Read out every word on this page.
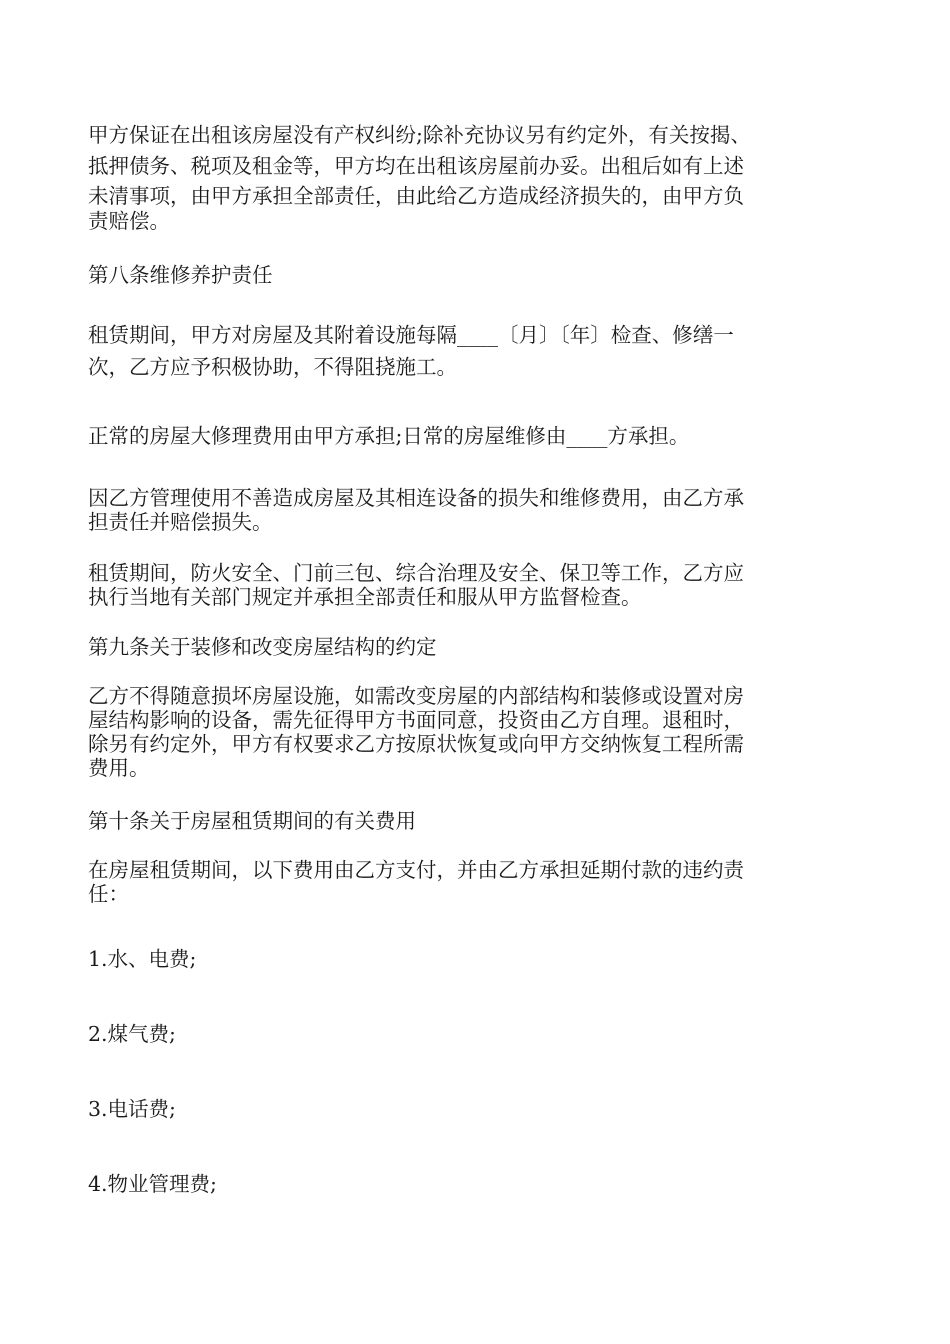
甲方保证在出租该房屋没有产权纠纷;除补充协议另有约定外，有关按揭、
抵押债务、税项及租金等，甲方均在出租该房屋前办妥。出租后如有上述
未清事项，由甲方承担全部责任，由此给乙方造成经济损失的，由甲方负
责赔偿。
第八条维修养护责任
租赁期间，甲方对房屋及其附着设施每隔____〔月〕〔年〕检查、修缮一
次，乙方应予积极协助，不得阻挠施工。
正常的房屋大修理费用由甲方承担;日常的房屋维修由____方承担。
因乙方管理使用不善造成房屋及其相连设备的损失和维修费用，由乙方承
担责任并赔偿损失。
租赁期间，防火安全、门前三包、综合治理及安全、保卫等工作，乙方应
执行当地有关部门规定并承担全部责任和服从甲方监督检查。
第九条关于装修和改变房屋结构的约定
乙方不得随意损坏房屋设施，如需改变房屋的内部结构和装修或设置对房
屋结构影响的设备，需先征得甲方书面同意，投资由乙方自理。退租时，
除另有约定外，甲方有权要求乙方按原状恢复或向甲方交纳恢复工程所需
费用。
第十条关于房屋租赁期间的有关费用
在房屋租赁期间，以下费用由乙方支付，并由乙方承担延期付款的违约责
任：
1.水、电费;
2.煤气费;
3.电话费;
4.物业管理费;
